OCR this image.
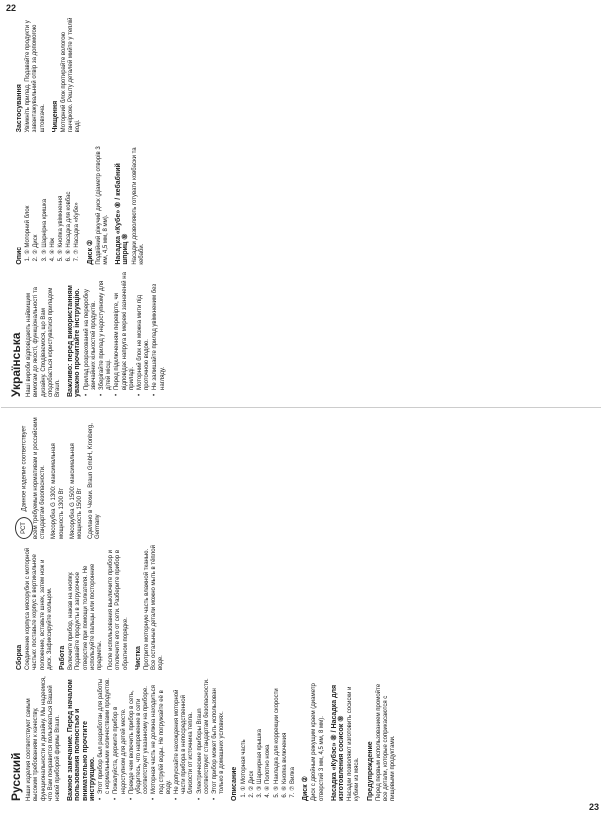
22
23
Русский Наши изделия соответствуют самым высоким требованиям к качеству, функциональности и дизайну. Мы надеемся, что Вам понравится пользоваться Вашей новой приборой фирмы Braun. Важное замечание. Перед началом пользования полностью и внимательно прочтите инструкцию. • Этот прибор был разработан для работы с нормальными количествами продуктов. • Пожалуйста, держите прибор в недоступном для детей месте. • Прежде чем включить прибор в сеть, убедитесь, что напряжение в сети соответствует указанному на приборе. • Моторная часть не должна находиться под струёй воды. Не погружайте её в воду. • Не допускайте нахождения моторной части прибора в непосредственной близости от источника тепла. • Электрические приборы Braun соответствуют стандартам безопасности. • Этот прибор может быть использован только в домашних условиях. Описание 1. ① Моторная часть 2. ② Диск 3. ③ Шарнирная крышка 4. ④ Полотно ножа 5. ⑤ Накладка для коррекции скорости 6. ⑥ Кнопка включения 7. ⑦ Вилка Диск ② Диск с двойным режущим краем (диаметр отверстий 3 мм, 4,5 мм, 8 мм). Насадка «Кубэс» ⑧ / Насадка для изготовления сосисок ⑨ Насадки позволяют изготовить сосиски и кубики из мяса. Предупреждение Перед первым использованием промойте все детали, которые соприкасаются с пищевыми продуктами.

Сборка Соединение корпуса мясорубки с моторной частью: поставьте корпус в вертикальное положение, вставьте шнек, затем нож и диск. Зафиксируйте кольцом. Работа Включите прибор, нажав на кнопку. Подавайте продукты в загрузочное отверстие при помощи толкателя. Не используйте пальцы или посторонние предметы. После использования выключите прибор и отключите его от сети. Разберите прибор в обратном порядке. Чистка Протрите моторную часть влажной тканью. Все остальные детали можно мыть в тёплой воде.

РСТ Данное изделие соответствует всем требуемым нормативам и российским стандартам безопасности. Мясорубка G 1300: максимальная мощность 1300 Вт Мясорубка G 1500: максимальная мощность 1500 Вт Сделано в Чехии. Braun GmbH, Kronberg, Germany

Українська Наші вироби відповідають найвищим вимогам до якості, функціональності та дизайну. Сподіваємося, що Вам сподобається користуватися приладом Braun. Важливо: перед використанням уважно прочитайте інструкцію. • Прилад розрахований на переробку звичайних кількостей продуктів. • Зберігайте прилад у недоступному для дітей місці. • Перед підключенням перевірте, чи відповідає напруга в мережі зазначеній на приладі. • Моторний блок не можна мити під проточною водою. • Не залишайте прилад увімкненим без нагляду.
Опис
1. ① Моторний блок 2. ② Диск 3. ③ Шарнірна кришка 4. ④ Ніж 5. ⑤ Кнопка увімкнення 6. ⑥ Насадка для ковбас 7. ⑦ Насадка «Кубе» Диск ② Подвійний ріжучий диск (діаметр отворів 3 мм, 4,5 мм, 8 мм). Насадка «Кубе» ⑧ / кебабний шприц ⑨ Насадки дозволяють готувати ковбаски та кебаби.

Застосування Увімкніть прилад. Подавайте продукти у завантажувальний отвір за допомогою штовхача. Чищення Моторний блок протирайте вологою ганчіркою. Решту деталей мийте у теплій воді.
